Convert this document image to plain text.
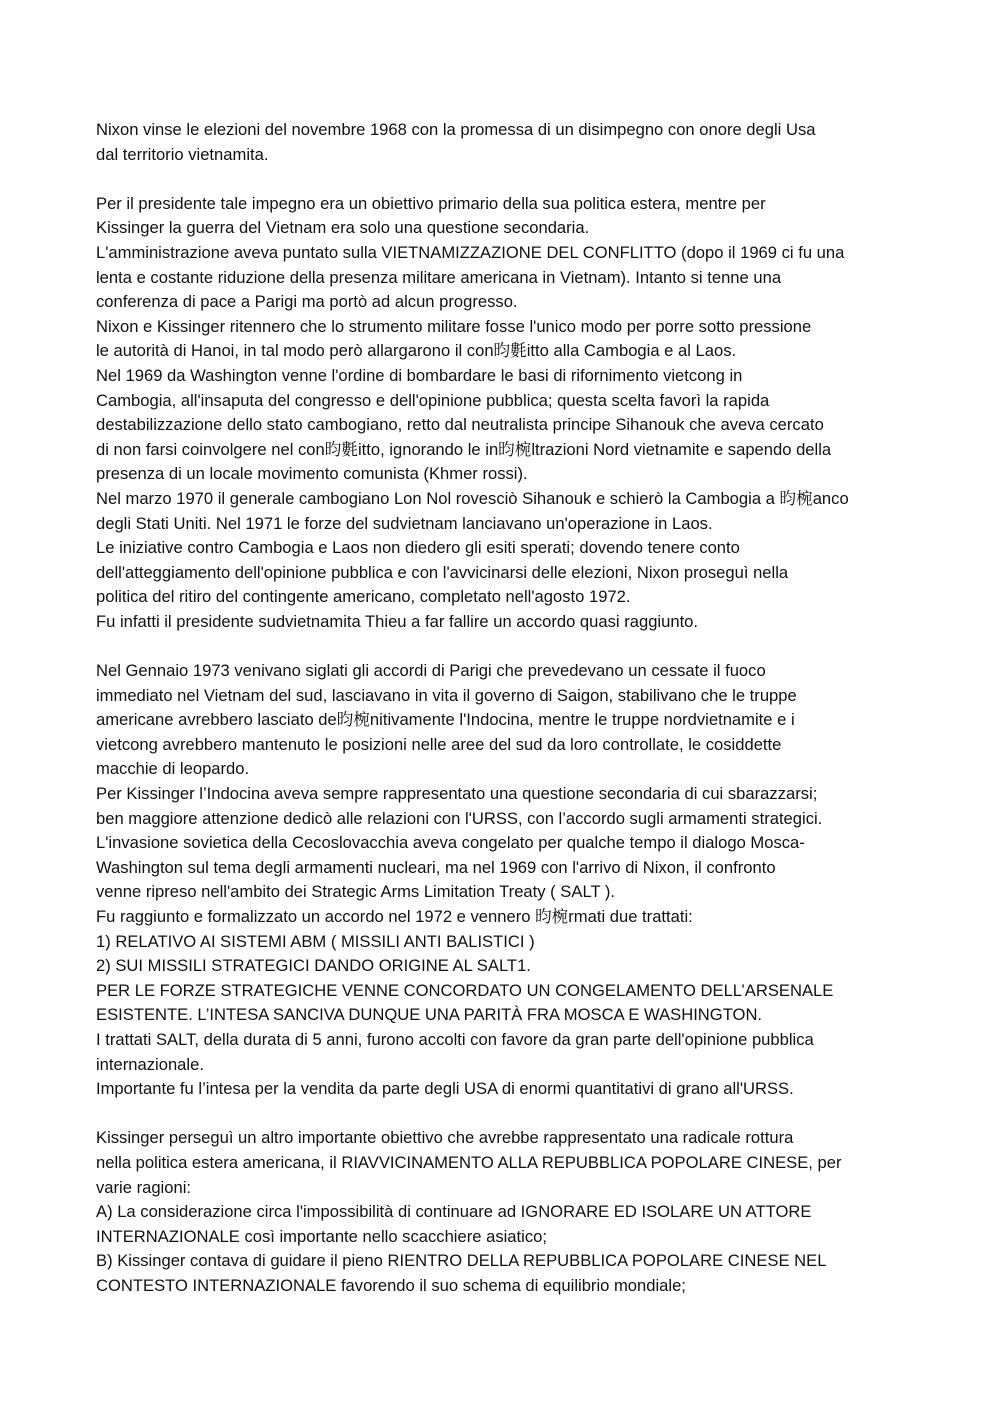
Nixon vinse le elezioni del novembre 1968 con la promessa di un disimpegno con onore degli Usa
dal territorio vietnamita.
Per il presidente tale impegno era un obiettivo primario della sua politica estera, mentre per
Kissinger la guerra del Vietnam era solo una questione secondaria.
L'amministrazione aveva puntato sulla VIETNAMIZZAZIONE DEL CONFLITTO (dopo il 1969 ci fu una
lenta e costante riduzione della presenza militare americana in Vietnam). Intanto si tenne una
conferenza di pace a Parigi ma portò ad alcun progresso.
Nixon e Kissinger ritennero che lo strumento militare fosse l'unico modo per porre sotto pressione
le autorità di Hanoi, in tal modo però allargarono il con昀氀itto alla Cambogia e al Laos.
Nel 1969 da Washington venne l'ordine di bombardare le basi di rifornimento vietcong in
Cambogia, all'insaputa del congresso e dell'opinione pubblica; questa scelta favorì la rapida
destabilizzazione dello stato cambogiano, retto dal neutralista principe Sihanouk che aveva cercato
di non farsi coinvolgere nel con昀氀itto, ignorando le in昀椀ltrazioni Nord vietnamite e sapendo della
presenza di un locale movimento comunista (Khmer rossi).
Nel marzo 1970 il generale cambogiano Lon Nol rovesciò Sihanouk e schierò la Cambogia a 昀椀anco
degli Stati Uniti. Nel 1971 le forze del sudvietnam lanciavano un'operazione in Laos.
Le iniziative contro Cambogia e Laos non diedero gli esiti sperati; dovendo tenere conto
dell'atteggiamento dell'opinione pubblica e con l'avvicinarsi delle elezioni, Nixon proseguì nella
politica del ritiro del contingente americano, completato nell'agosto 1972.
Fu infatti il presidente sudvietnamita Thieu a far fallire un accordo quasi raggiunto.
Nel Gennaio 1973 venivano siglati gli accordi di Parigi che prevedevano un cessate il fuoco
immediato nel Vietnam del sud, lasciavano in vita il governo di Saigon, stabilivano che le truppe
americane avrebbero lasciato de昀椀nitivamente l'Indocina, mentre le truppe nordvietnamite e i
vietcong avrebbero mantenuto le posizioni nelle aree del sud da loro controllate, le cosiddette
macchie di leopardo.
Per Kissinger l’Indocina aveva sempre rappresentato una questione secondaria di cui sbarazzarsi;
ben maggiore attenzione dedicò alle relazioni con l'URSS, con l’accordo sugli armamenti strategici.
L'invasione sovietica della Cecoslovacchia aveva congelato per qualche tempo il dialogo Mosca-
Washington sul tema degli armamenti nucleari, ma nel 1969 con l'arrivo di Nixon, il confronto
venne ripreso nell'ambito dei Strategic Arms Limitation Treaty ( SALT ).
Fu raggiunto e formalizzato un accordo nel 1972 e vennero 昀椀rmati due trattati:
1) RELATIVO AI SISTEMI ABM ( MISSILI ANTI BALISTICI )
2) SUI MISSILI STRATEGICI DANDO ORIGINE AL SALT1.
PER LE FORZE STRATEGICHE VENNE CONCORDATO UN CONGELAMENTO DELL’ARSENALE
ESISTENTE. L’INTESA SANCIVA DUNQUE UNA PARITÀ FRA MOSCA E WASHINGTON.
I trattati SALT, della durata di 5 anni, furono accolti con favore da gran parte dell'opinione pubblica
internazionale.
Importante fu l’intesa per la vendita da parte degli USA di enormi quantitativi di grano all'URSS.
Kissinger perseguì un altro importante obiettivo che avrebbe rappresentato una radicale rottura
nella politica estera americana, il RIAVVICINAMENTO ALLA REPUBBLICA POPOLARE CINESE, per
varie ragioni:
A) La considerazione circa l'impossibilità di continuare ad IGNORARE ED ISOLARE UN ATTORE
INTERNAZIONALE così importante nello scacchiere asiatico;
B) Kissinger contava di guidare il pieno RIENTRO DELLA REPUBBLICA POPOLARE CINESE NEL
CONTESTO INTERNAZIONALE favorendo il suo schema di equilibrio mondiale;
